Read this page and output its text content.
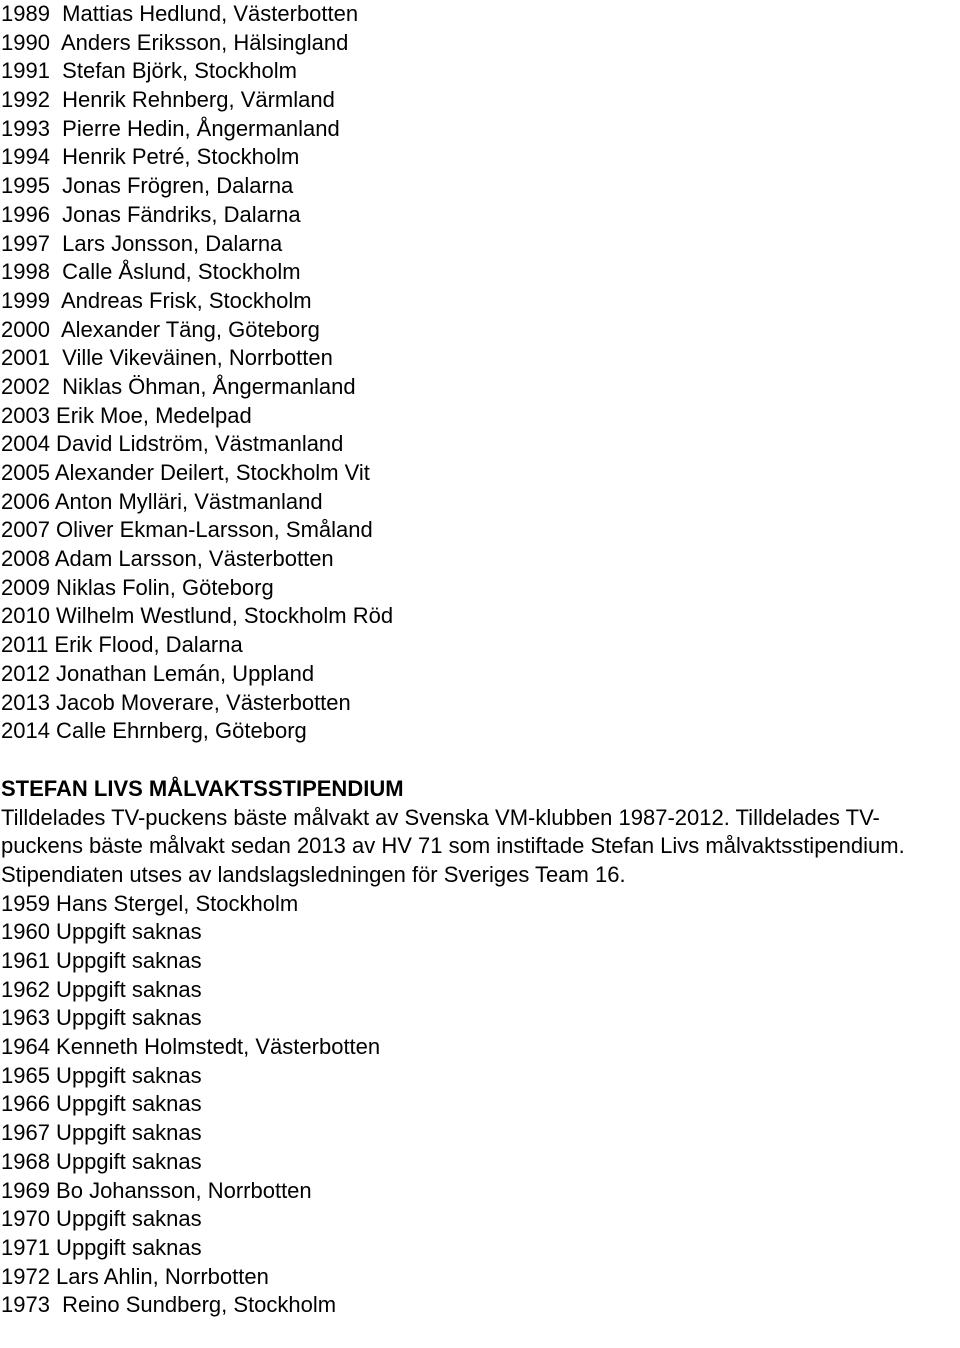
1989  Mattias Hedlund, Västerbotten
1990  Anders Eriksson, Hälsingland
1991  Stefan Björk, Stockholm
1992  Henrik Rehnberg, Värmland
1993  Pierre Hedin, Ångermanland
1994  Henrik Petré, Stockholm
1995  Jonas Frögren, Dalarna
1996  Jonas Fändriks, Dalarna
1997  Lars Jonsson, Dalarna
1998  Calle Åslund, Stockholm
1999  Andreas Frisk, Stockholm
2000  Alexander Täng, Göteborg
2001  Ville Vikeväinen, Norrbotten
2002  Niklas Öhman, Ångermanland
2003 Erik Moe, Medelpad
2004 David Lidström, Västmanland
2005 Alexander Deilert, Stockholm Vit
2006 Anton Mylläri, Västmanland
2007 Oliver Ekman-Larsson, Småland
2008 Adam Larsson, Västerbotten
2009 Niklas Folin, Göteborg
2010 Wilhelm Westlund, Stockholm Röd
2011 Erik Flood, Dalarna
2012 Jonathan Lemán, Uppland
2013 Jacob Moverare, Västerbotten
2014 Calle Ehrnberg, Göteborg
STEFAN LIVS MÅLVAKTSSTIPENDIUM
Tilldelades TV-puckens bäste målvakt av Svenska VM-klubben 1987-2012. Tilldelades TV-puckens bäste målvakt sedan 2013 av HV 71 som instiftade Stefan Livs målvaktsstipendium.
Stipendiaten utses av landslagsledningen för Sveriges Team 16.
1959 Hans Stergel, Stockholm
1960 Uppgift saknas
1961 Uppgift saknas
1962 Uppgift saknas
1963 Uppgift saknas
1964 Kenneth Holmstedt, Västerbotten
1965 Uppgift saknas
1966 Uppgift saknas
1967 Uppgift saknas
1968 Uppgift saknas
1969 Bo Johansson, Norrbotten
1970 Uppgift saknas
1971 Uppgift saknas
1972 Lars Ahlin, Norrbotten
1973  Reino Sundberg, Stockholm
